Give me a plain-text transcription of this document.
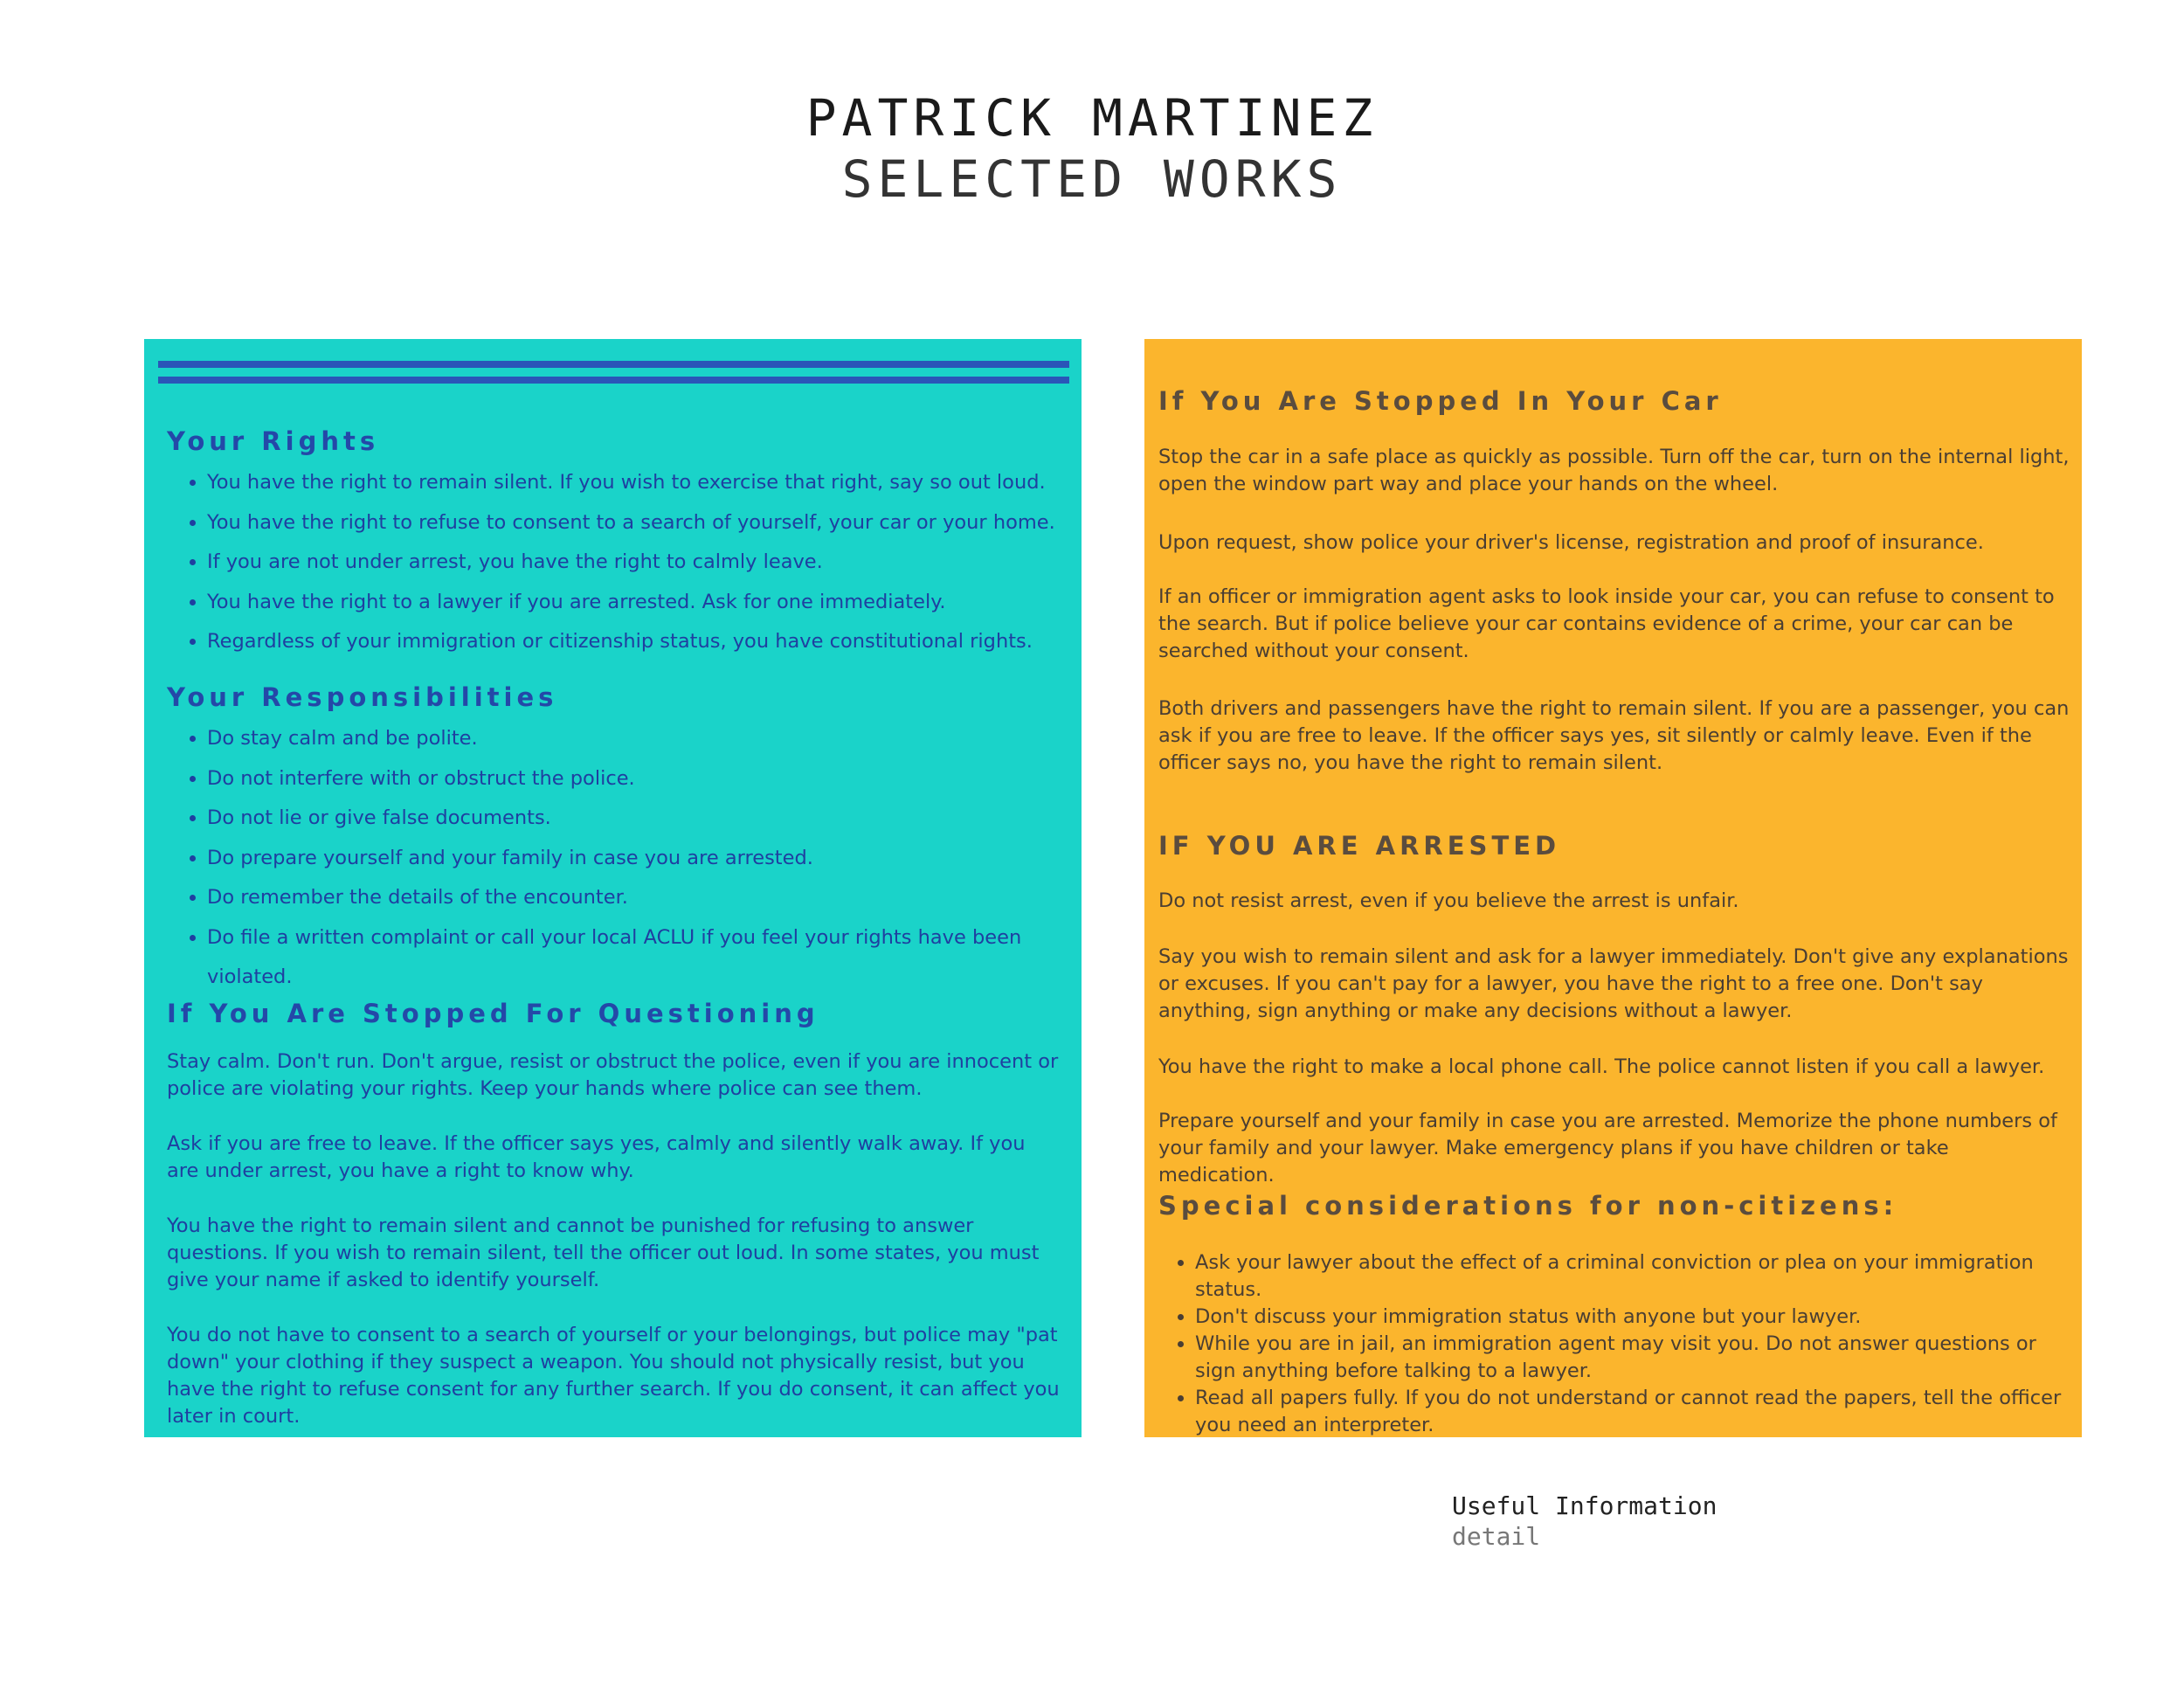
PATRICK MARTINEZ
SELECTED WORKS
Your Rights
• You have the right to remain silent. If you wish to exercise that right, say so out loud.
• You have the right to refuse to consent to a search of yourself, your car or your home.
• If you are not under arrest, you have the right to calmly leave.
• You have the right to a lawyer if you are arrested. Ask for one immediately.
• Regardless of your immigration or citizenship status, you have constitutional rights.
Your Responsibilities
• Do stay calm and be polite.
• Do not interfere with or obstruct the police.
• Do not lie or give false documents.
• Do prepare yourself and your family in case you are arrested.
• Do remember the details of the encounter.
• Do file a written complaint or call your local ACLU if you feel your rights have been violated.
If You Are Stopped For Questioning

Stay calm. Don't run. Don't argue, resist or obstruct the police, even if you are innocent or police are violating your rights. Keep your hands where police can see them.

Ask if you are free to leave. If the officer says yes, calmly and silently walk away. If you are under arrest, you have a right to know why.

You have the right to remain silent and cannot be punished for refusing to answer questions. If you wish to remain silent, tell the officer out loud. In some states, you must give your name if asked to identify yourself.

You do not have to consent to a search of yourself or your belongings, but police may "pat down" your clothing if they suspect a weapon. You should not physically resist, but you have the right to refuse consent for any further search. If you do consent, it can affect you later in court.

If You Are Stopped In Your Car

Stop the car in a safe place as quickly as possible. Turn off the car, turn on the internal light, open the window part way and place your hands on the wheel.

Upon request, show police your driver's license, registration and proof of insurance.

If an officer or immigration agent asks to look inside your car, you can refuse to consent to the search. But if police believe your car contains evidence of a crime, your car can be searched without your consent.

Both drivers and passengers have the right to remain silent. If you are a passenger, you can ask if you are free to leave. If the officer says yes, sit silently or calmly leave. Even if the officer says no, you have the right to remain silent.

IF YOU ARE ARRESTED

Do not resist arrest, even if you believe the arrest is unfair.

Say you wish to remain silent and ask for a lawyer immediately. Don't give any explanations or excuses. If you can't pay for a lawyer, you have the right to a free one. Don't say anything, sign anything or make any decisions without a lawyer.

You have the right to make a local phone call. The police cannot listen if you call a lawyer.

Prepare yourself and your family in case you are arrested. Memorize the phone numbers of your family and your lawyer. Make emergency plans if you have children or take medication.

Special considerations for non-citizens:
• Ask your lawyer about the effect of a criminal conviction or plea on your immigration status.
• Don't discuss your immigration status with anyone but your lawyer.
• While you are in jail, an immigration agent may visit you. Do not answer questions or sign anything before talking to a lawyer.
• Read all papers fully. If you do not understand or cannot read the papers, tell the officer you need an interpreter.
Useful Information
detail
